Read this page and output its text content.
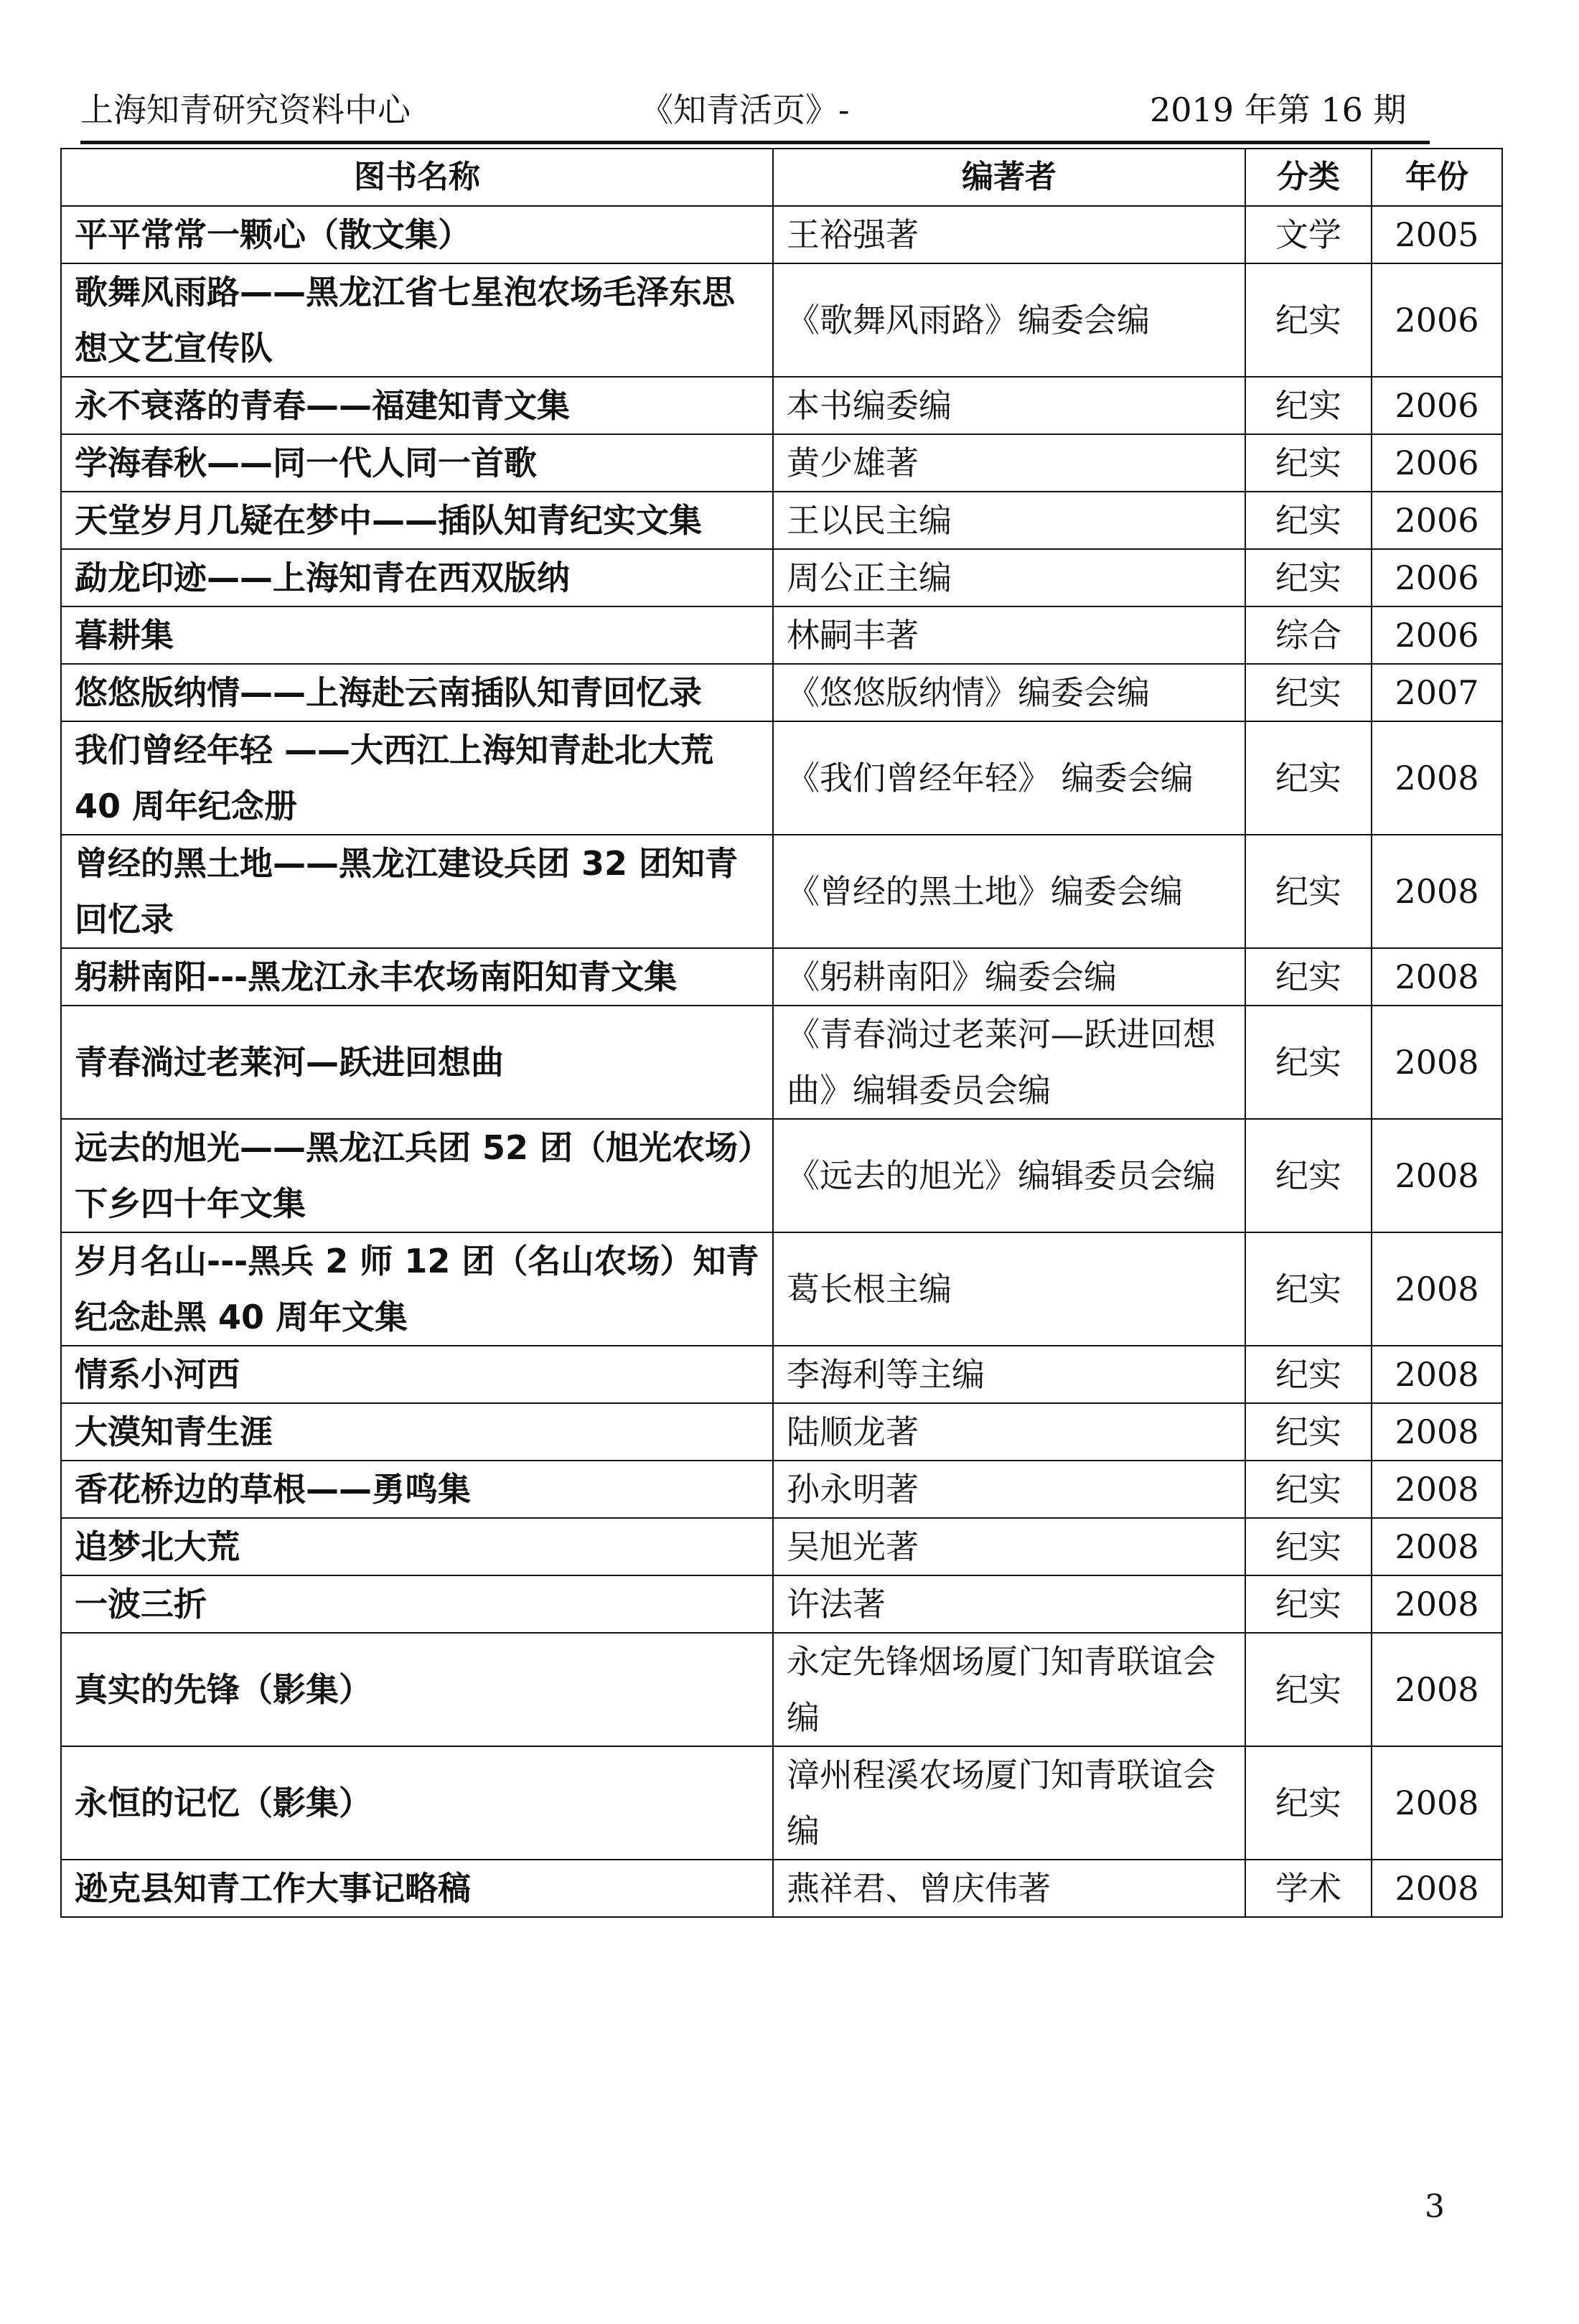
上海知青研究资料中心	《知青活页》-	2019 年第 16 期
图书名称	编著者	分类	年份
平平常常一颗心（散文集）	王裕强著	文学	2005
歌舞风雨路——黑龙江省七星泡农场毛泽东思想文艺宣传队	《歌舞风雨路》编委会编	纪实	2006
永不衰落的青春——福建知青文集	本书编委编	纪实	2006
学海春秋——同一代人同一首歌	黄少雄著	纪实	2006
天堂岁月几疑在梦中——插队知青纪实文集	王以民主编	纪实	2006
勐龙印迹——上海知青在西双版纳	周公正主编	纪实	2006
暮耕集	林嗣丰著	综合	2006
悠悠版纳情——上海赴云南插队知青回忆录	《悠悠版纳情》编委会编	纪实	2007
我们曾经年轻 ——大西江上海知青赴北大荒 40 周年纪念册	《我们曾经年轻》 编委会编	纪实	2008
曾经的黑土地——黑龙江建设兵团 32 团知青回忆录	《曾经的黑土地》编委会编	纪实	2008
躬耕南阳---黑龙江永丰农场南阳知青文集	《躬耕南阳》编委会编	纪实	2008
青春淌过老莱河—跃进回想曲	《青春淌过老莱河—跃进回想曲》编辑委员会编	纪实	2008
远去的旭光——黑龙江兵团 52 团（旭光农场）下乡四十年文集	《远去的旭光》编辑委员会编	纪实	2008
岁月名山---黑兵 2 师 12 团（名山农场）知青纪念赴黑 40 周年文集	葛长根主编	纪实	2008
情系小河西	李海利等主编	纪实	2008
大漠知青生涯	陆顺龙著	纪实	2008
香花桥边的草根——勇鸣集	孙永明著	纪实	2008
追梦北大荒	吴旭光著	纪实	2008
一波三折	许法著	纪实	2008
真实的先锋（影集）	永定先锋烟场厦门知青联谊会编	纪实	2008
永恒的记忆（影集）	漳州程溪农场厦门知青联谊会编	纪实	2008
逊克县知青工作大事记略稿	燕祥君、曾庆伟著	学术	2008
3
